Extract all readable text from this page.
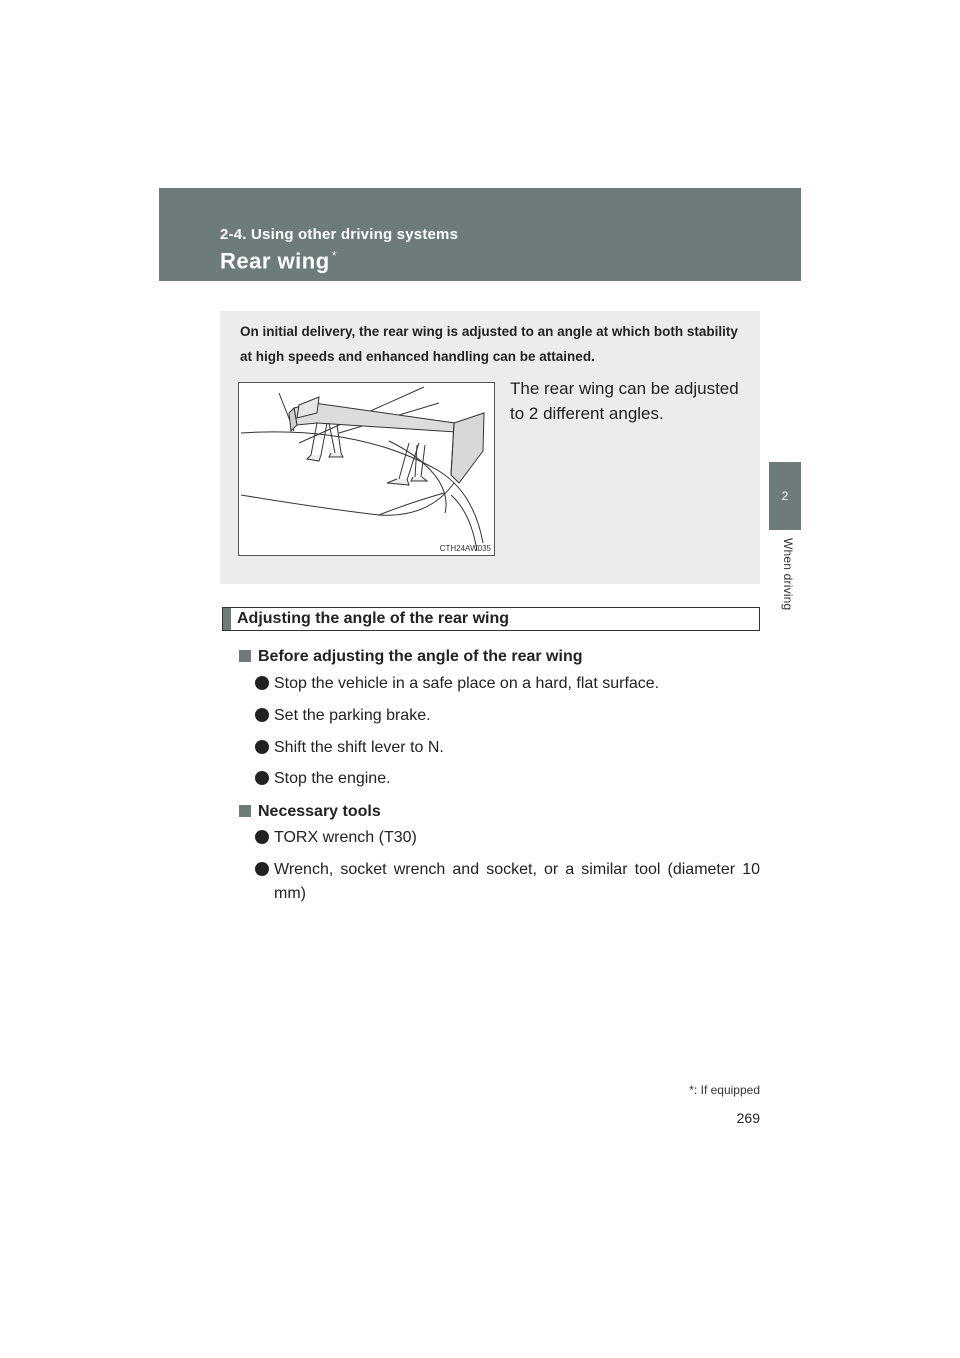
2-4. Using other driving systems
Rear wing *
2
When driving
On initial delivery, the rear wing is adjusted to an angle at which both stability at high speeds and enhanced handling can be attained.
CTH24AW035
The rear wing can be adjusted to 2 different angles.
Adjusting the angle of the rear wing
Before adjusting the angle of the rear wing
Stop the vehicle in a safe place on a hard, flat surface.
Set the parking brake.
Shift the shift lever to N.
Stop the engine.
Necessary tools
TORX wrench (T30)
Wrench, socket wrench and socket, or a similar tool (diameter 10 mm)
*: If equipped
269
